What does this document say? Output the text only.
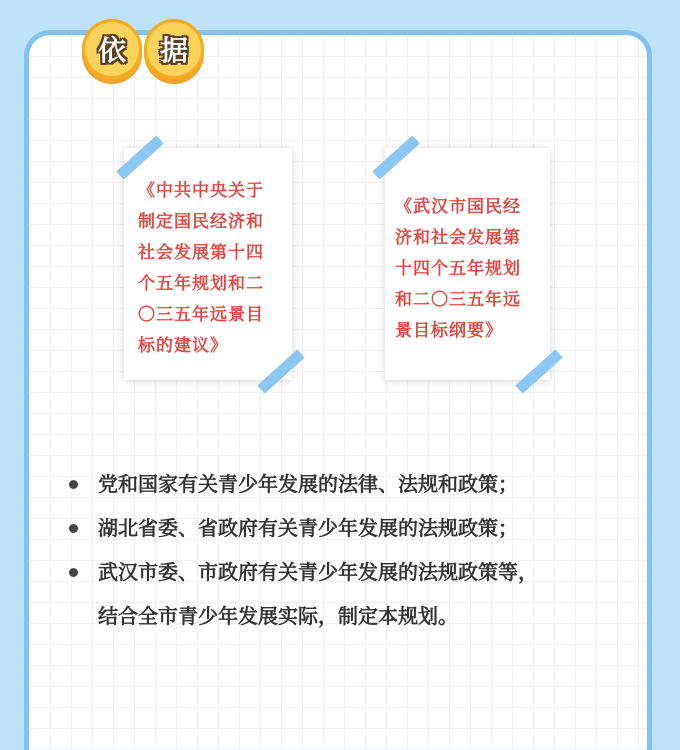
依	据
《中共中央关于
制定国民经济和
社会发展第十四
个五年规划和二
〇三五年远景目
标的建议》
《武汉市国民经
济和社会发展第
十四个五年规划
和二〇三五年远
景目标纲要》
党和国家有关青少年发展的法律、法规和政策；
湖北省委、省政府有关青少年发展的法规政策；
武汉市委、市政府有关青少年发展的法规政策等，
结合全市青少年发展实际，制定本规划。
